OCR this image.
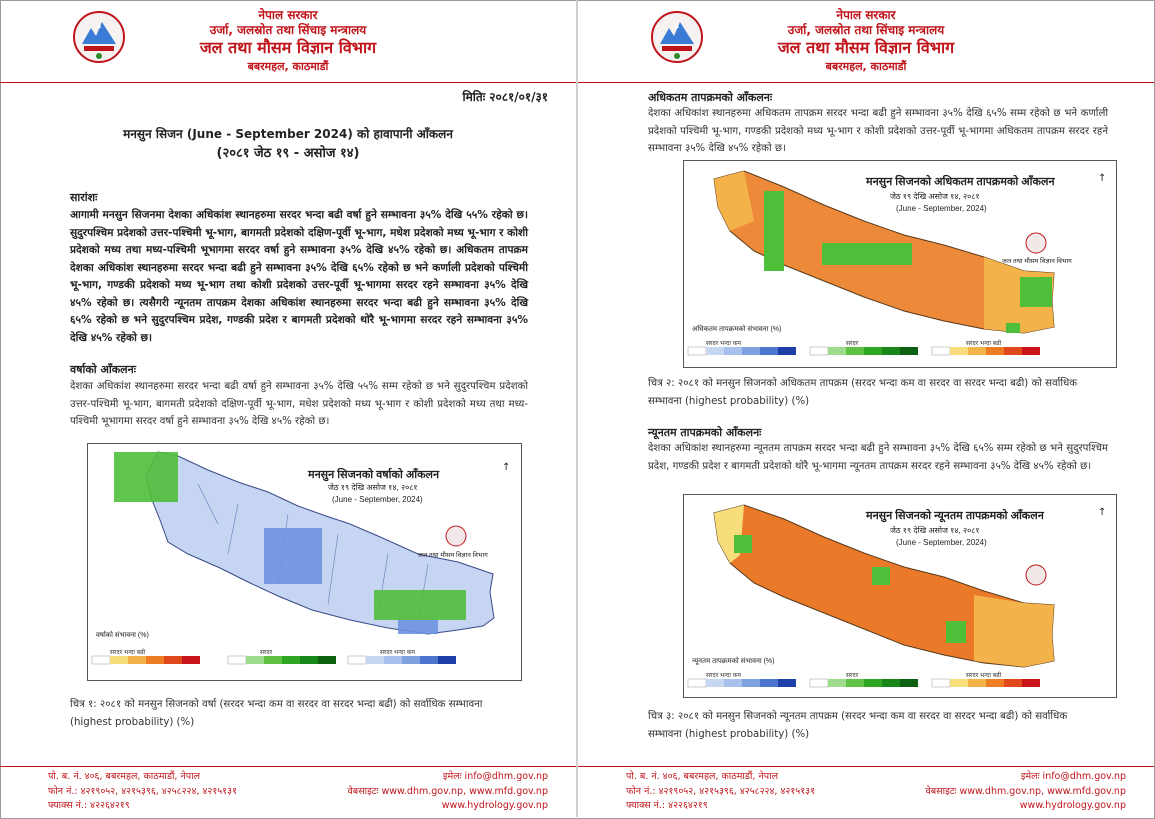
नेपाल सरकार
उर्जा, जलस्रोत तथा सिंचाइ मन्त्रालय
जल तथा मौसम विज्ञान विभाग
बबरमहल, काठमाडौं
मितिः २०८१/०१/३१
मनसुन सिजन (June - September 2024) को हावापानी आँकलन
(२०८१ जेठ १९ - असोज १४)
सारांशः
आगामी मनसुन सिजनमा देशका अधिकांश स्थानहरुमा सरदर भन्दा बढी वर्षा हुने सम्भावना ३५% देखि ५५% रहेको छ। सुदुरपश्चिम प्रदेशको उत्तर-पश्चिमी भू-भाग, बागमती प्रदेशको दक्षिण-पूर्वी भू-भाग, मधेश प्रदेशको मध्य भू-भाग र कोशी प्रदेशको मध्य तथा मध्य-पश्चिमी भूभागमा सरदर वर्षा हुने सम्भावना ३५% देखि ४५% रहेको छ। अधिकतम तापक्रम देशका अधिकांश स्थानहरुमा सरदर भन्दा बढी हुने सम्भावना ३५% देखि ६५% रहेको छ भने कर्णाली प्रदेशको पश्चिमी भू-भाग, गण्डकी प्रदेशको मध्य भू-भाग तथा कोशी प्रदेशको उत्तर-पूर्वी भू-भागमा सरदर रहने सम्भावना ३५% देखि ४५% रहेको छ। त्यसैगरी न्यूनतम तापक्रम देशका अधिकांश स्थानहरुमा सरदर भन्दा बढी हुने सम्भावना ३५% देखि ६५% रहेको छ भने सुदुरपश्चिम प्रदेश, गण्डकी प्रदेश र बागमती प्रदेशको थोरै भू-भागमा सरदर रहने सम्भावना ३५% देखि ४५% रहेको छ।
वर्षाको आँकलनः
देशका अधिकांश स्थानहरुमा सरदर भन्दा बढी वर्षा हुने सम्भावना ३५% देखि ५५% सम्म रहेको छ भने सुदुरपश्चिम प्रदेशको उत्तर-पश्चिमी भू-भाग, बागमती प्रदेशको दक्षिण-पूर्वी भू-भाग, मधेश प्रदेशको मध्य भू-भाग र कोशी प्रदेशको मध्य तथा मध्य-पश्चिमी भूभागमा सरदर वर्षा हुने सम्भावना ३५% देखि ४५% रहेको छ।
मनसुन सिजनको वर्षाको आँकलन
जेठ १९ देखि असोज १४, २०८१
(June - September, 2024)
↑
जल तथा मौसम विज्ञान विभाग
वर्षाको संभावना (%)
सरदर भन्दा बढी	सरदर	सरदर भन्दा कम
चित्र १: २०८१ को मनसुन सिजनको वर्षा (सरदर भन्दा कम वा सरदर वा सरदर भन्दा बढी) को सर्वाधिक सम्भावना (highest probability) (%)
पो. ब. नं. ४०६, बबरमहल, काठमाडौं, नेपाल
फोन नं.: ४२१९०५२, ४२१५३९६, ४२५८२२४, ४२१५१३१
फ्याक्स नं.: ४२२६४२१९
इमेलः info@dhm.gov.np
वेबसाइटः www.dhm.gov.np, www.mfd.gov.np
www.hydrology.gov.np
नेपाल सरकार
उर्जा, जलस्रोत तथा सिंचाइ मन्त्रालय
जल तथा मौसम विज्ञान विभाग
बबरमहल, काठमाडौं
अधिकतम तापक्रमको आँकलनः
देशका अधिकांश स्थानहरुमा अधिकतम तापक्रम सरदर भन्दा बढी हुने सम्भावना ३५% देखि ६५% सम्म रहेको छ भने कर्णाली प्रदेशको पश्चिमी भू-भाग, गण्डकी प्रदेशको मध्य भू-भाग र कोशी प्रदेशको उत्तर-पूर्वी भू-भागमा अधिकतम तापक्रम सरदर रहने सम्भावना ३५% देखि ४५% रहेको छ।
मनसुन सिजनको अधिकतम तापक्रमको आँकलन
जेठ १९ देखि असोज १४, २०८१
(June - September, 2024)
↑
जल तथा मौसम विज्ञान विभाग
अधिकतम तापक्रमको संभावना (%)
सरदर भन्दा कम	सरदर	सरदर भन्दा बढी
चित्र २: २०८१ को मनसुन सिजनको अधिकतम तापक्रम (सरदर भन्दा कम वा सरदर वा सरदर भन्दा बढी) को सर्वाधिक सम्भावना (highest probability) (%)
न्यूनतम तापक्रमको आँकलनः
देशका अधिकांश स्थानहरुमा न्यूनतम तापक्रम सरदर भन्दा बढी हुने सम्भावना ३५% देखि ६५% सम्म रहेको छ भने सुदुरपश्चिम प्रदेश, गण्डकी प्रदेश र बागमती प्रदेशको थोरै भू-भागमा न्यूनतम तापक्रम सरदर रहने सम्भावना ३५% देखि ४५% रहेको छ।
मनसुन सिजनको न्यूनतम तापक्रमको आँकलन
जेठ १९ देखि असोज १४, २०८१
(June - September, 2024)
↑
न्यूनतम तापक्रमको संभावना (%)
सरदर भन्दा कम	सरदर	सरदर भन्दा बढी
चित्र ३: २०८१ को मनसुन सिजनको न्यूनतम तापक्रम (सरदर भन्दा कम वा सरदर वा सरदर भन्दा बढी) को सर्वाधिक सम्भावना (highest probability) (%)
पो. ब. नं. ४०६, बबरमहल, काठमाडौं, नेपाल
फोन नं.: ४२१९०५२, ४२१५३९६, ४२५८२२४, ४२१५१३१
फ्याक्स नं.: ४२२६४२१९
इमेलः info@dhm.gov.np
वेबसाइटः www.dhm.gov.np, www.mfd.gov.np
www.hydrology.gov.np
